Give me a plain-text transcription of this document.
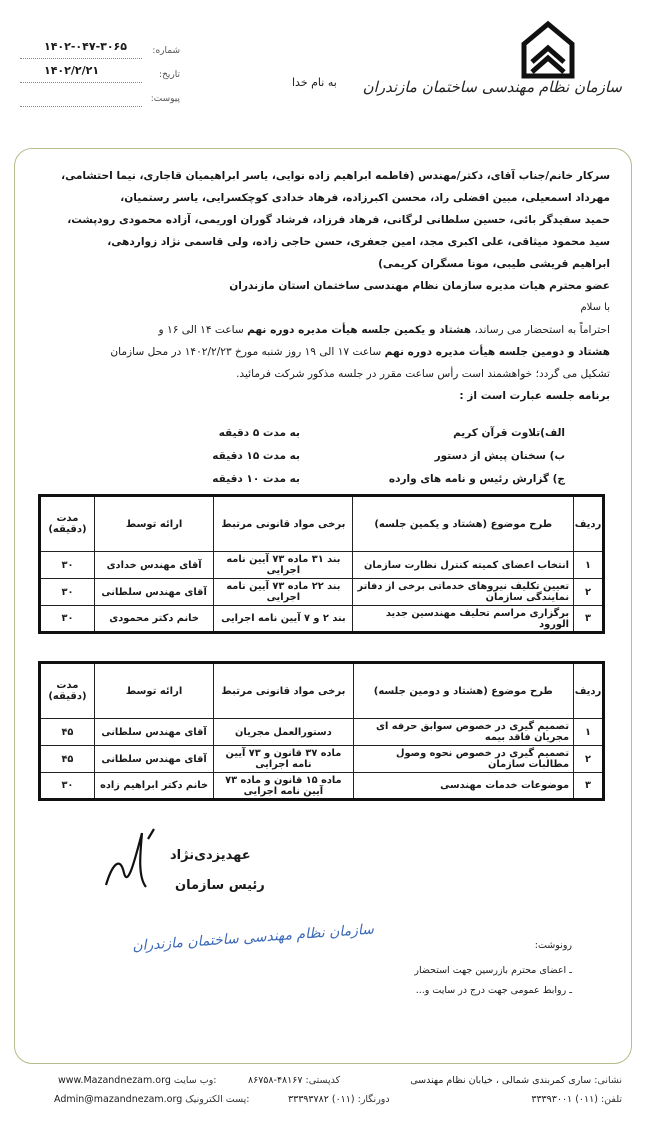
سازمان نظام مهندسی ساختمان مازندران
به نام خدا
شماره:
۱۴۰۲-۰۴۷-۳۰۶۵
تاریخ:
۱۴۰۲/۲/۲۱
پیوست:

سرکار خانم/جناب آقای، دکتر/مهندس (فاطمه ابراهیم زاده نوایی، یاسر ابراهیمیان قاجاری، نیما احتشامی،

مهرداد اسمعیلی، مبین افضلی راد، محسن اکبرزاده، فرهاد خدادی کوچکسرایی، یاسر رستمیان،

حمید سفیدگر بائی، حسین سلطانی لرگانی، فرهاد فرزاد، فرشاد گوران اوریمی، آزاده محمودی رودپشت،

سید محمود میثاقی، علی اکبری مجد، امین جعفری، حسن حاجی زاده، ولی قاسمی نژاد زواردهی،

ابراهیم قریشی طیبی، مونا مسگران کریمی)

عضو محترم هیات مدیره سازمان نظام مهندسی ساختمان استان مازندران

با سلام

احتراماً به استحضار می رساند، هشتاد و یکمین جلسه هیأت مدیره دوره نهم ساعت ۱۴ الی ۱۶ و

هشتاد و دومین جلسه هیأت مدیره دوره نهم ساعت ۱۷ الی ۱۹ روز شنبه مورخ ۱۴۰۲/۲/۲۳ در محل سازمان

تشکیل می گردد؛ خواهشمند است رأس ساعت مقرر در جلسه مذکور شرکت فرمائید.

برنامه جلسه عبارت است از :

الف)تلاوت قرآن کریم
به مدت ۵ دقیقه
ب) سخنان پیش از دستور
به مدت ۱۵ دقیقه
ج) گزارش رئیس و نامه های وارده
به مدت ۱۰ دقیقه
ردیف	طرح موضوع (هشتاد و یکمین جلسه)	برخی مواد قانونی مرتبط	ارائه توسط	مدت (دقیقه)
۱	انتخاب اعضای کمیته کنترل نظارت سازمان	بند ۳۱ ماده ۷۳ آیین نامه اجرایی	آقای مهندس خدادی	۳۰
۲	تعیین تکلیف نیروهای خدماتی برخی از دفاتر نمایندگی سازمان	بند ۲۲ ماده ۷۳ آیین نامه اجرایی	آقای مهندس سلطانی	۳۰
۳	برگزاری مراسم تحلیف مهندسین جدید الورود	بند ۲ و ۷ آیین نامه اجرایی	خانم دکتر محمودی	۳۰
ردیف	طرح موضوع (هشتاد و دومین جلسه)	برخی مواد قانونی مرتبط	ارائه توسط	مدت (دقیقه)
۱	تصمیم گیری در خصوص سوابق حرفه ای مجریان فاقد بیمه	دستورالعمل مجریان	آقای مهندس سلطانی	۴۵
۲	تصمیم گیری در خصوص نحوه وصول مطالبات سازمان	ماده ۳۷ قانون و ۷۳ آیین نامه اجرایی	آقای مهندس سلطانی	۴۵
۳	موضوعات خدمات مهندسی	ماده ۱۵ قانون و ماده ۷۳ آیین نامه اجرایی	خانم دکتر ابراهیم زاده	۳۰
عهدیزدی‌نژاد
رئیس سازمان
سازمان نظام مهندسی ساختمان مازندران	رونوشت:
ـ اعضای محترم بازرسین جهت استحضار
ـ روابط عمومی جهت درج در سایت و...
نشانی: ساری کمربندی شمالی ، خیابان نظام مهندسی
تلفن: (۰۱۱) ۳۳۳۹۳۰۰۱
کدپستی: ۴۸۱۶۷-۸۶۷۵۸
دورنگار: (۰۱۱) ۳۳۳۹۳۷۸۲
www.Mazandnezam.org وب سایت:
Admin@mazandnezam.org پست الکترونیک:
